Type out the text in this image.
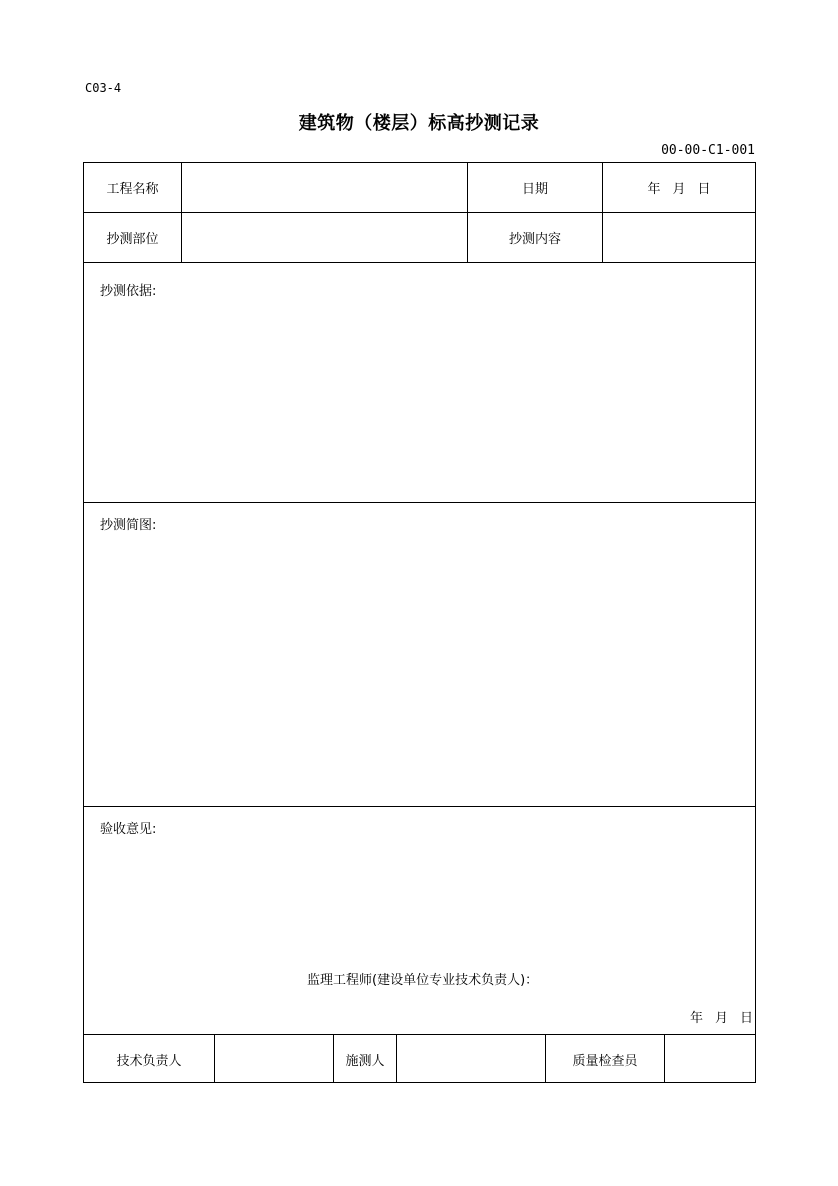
C03-4
建筑物（楼层）标高抄测记录
00-00-C1-001
工程名称	日期	年 月 日
抄测部位	抄测内容
抄测依据:
抄测简图:
验收意见:
监理工程师(建设单位专业技术负责人)：
年 月 日
技术负责人	施测人	质量检查员
